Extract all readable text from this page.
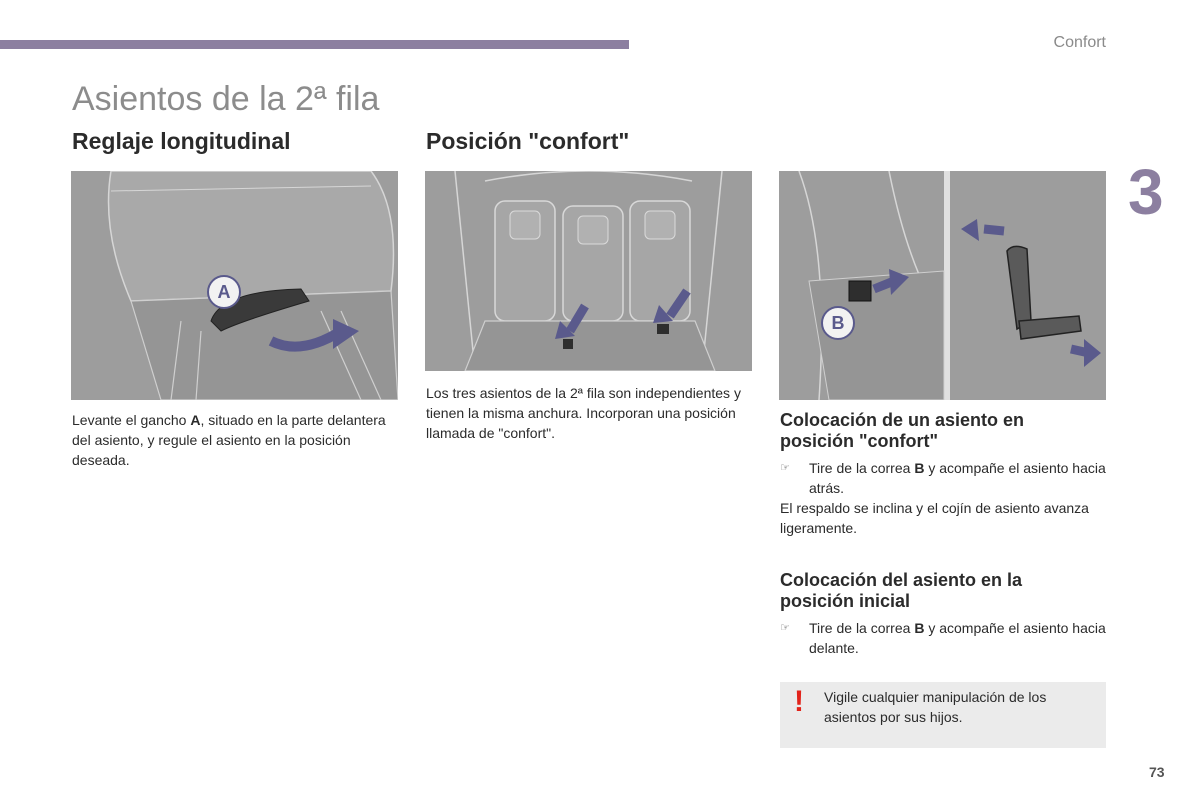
Confort
Asientos de la 2ª fila
3
Reglaje longitudinal
A

Levante el gancho A, situado en la parte delantera del asiento, y regule el asiento en la posición deseada.

Posición "confort"

Los tres asientos de la 2ª fila son independientes y tienen la misma anchura. Incorporan una posición llamada de "confort".

B
Colocación de un asiento en posición "confort"
☞	Tire de la correa B y acompañe el asiento hacia atrás.

El respaldo se inclina y el cojín de asiento avanza ligeramente.

Colocación del asiento en la posición inicial
☞	Tire de la correa B y acompañe el asiento hacia delante.
! Vigile cualquier manipulación de los asientos por sus hijos.
73
